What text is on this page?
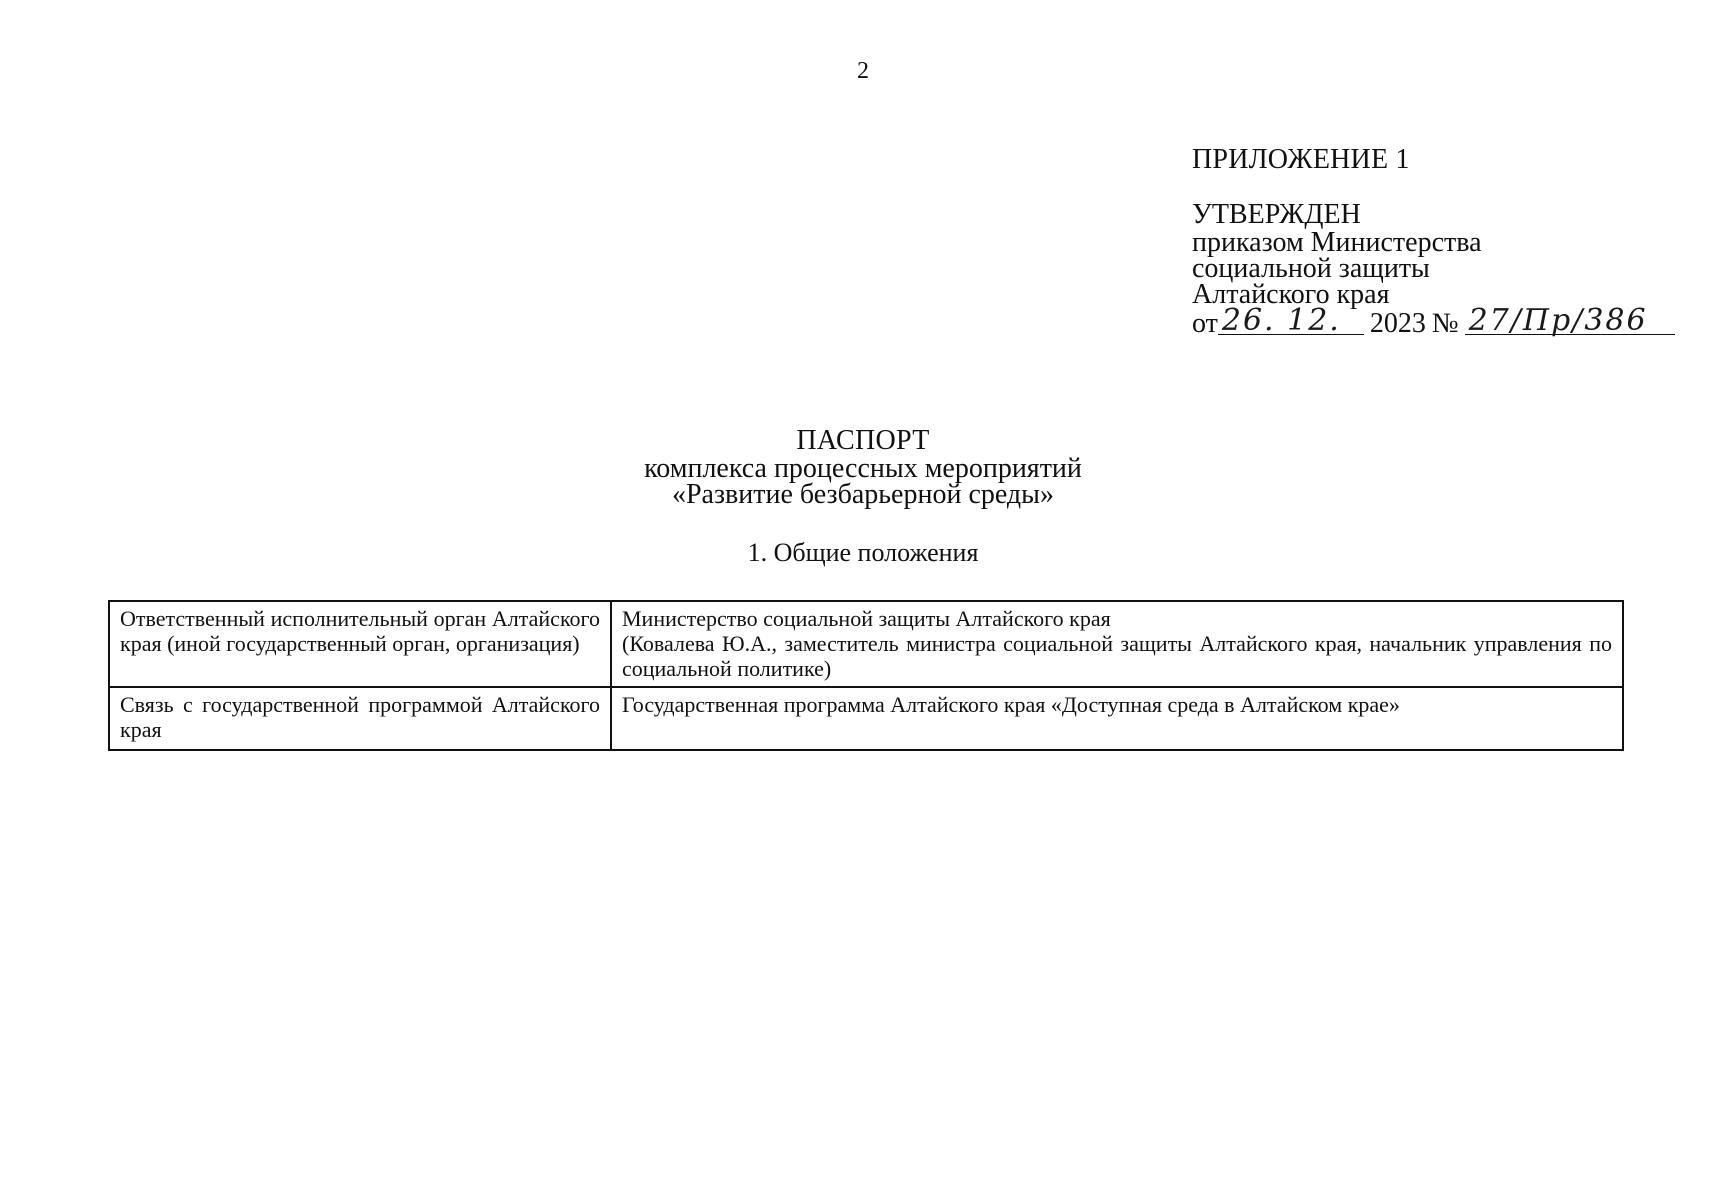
2
ПРИЛОЖЕНИЕ 1
УТВЕРЖДЕН
приказом Министерства
социальной защиты
Алтайского края
от 26. 12. 2023 № 27/Пр/386
ПАСПОРТ
комплекса процессных мероприятий
«Развитие безбарьерной среды»
1. Общие положения
Ответственный исполнительный орган Алтайского края (иной государственный орган, организация)	Министерство социальной защиты Алтайского края
(Ковалева Ю.А., заместитель министра социальной защиты Алтайского края, начальник управления по социальной политике)

Связь с государственной программой Алтайского края	Государственная программа Алтайского края «Доступная среда в Алтайском крае»
